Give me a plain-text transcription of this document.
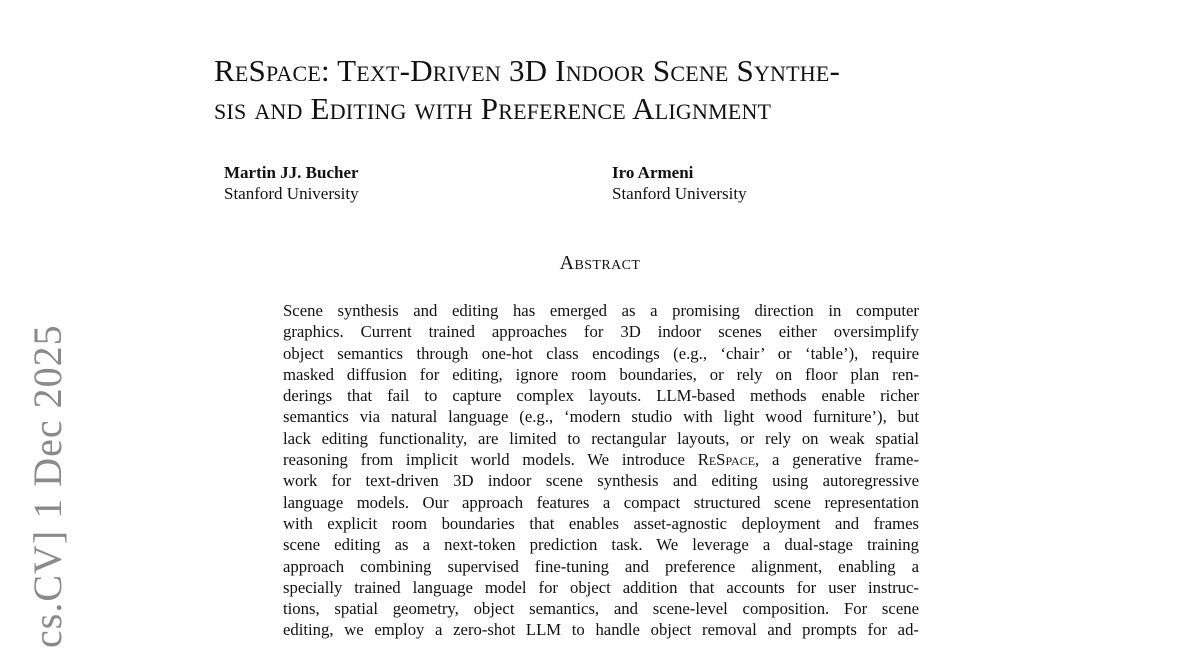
ReSpace: Text-Driven 3D Indoor Scene Synthe-
sis and Editing with Preference Alignment
Martin JJ. Bucher
Stanford University
Iro Armeni
Stanford University
Abstract
Scene synthesis and editing has emerged as a promising direction in computer
graphics. Current trained approaches for 3D indoor scenes either oversimplify
object semantics through one-hot class encodings (e.g., ‘chair’ or ‘table’), require
masked diffusion for editing, ignore room boundaries, or rely on floor plan ren-
derings that fail to capture complex layouts. LLM-based methods enable richer
semantics via natural language (e.g., ‘modern studio with light wood furniture’), but
lack editing functionality, are limited to rectangular layouts, or rely on weak spatial
reasoning from implicit world models. We introduce ReSpace, a generative frame-
work for text-driven 3D indoor scene synthesis and editing using autoregressive
language models. Our approach features a compact structured scene representation
with explicit room boundaries that enables asset-agnostic deployment and frames
scene editing as a next-token prediction task. We leverage a dual-stage training
approach combining supervised fine-tuning and preference alignment, enabling a
specially trained language model for object addition that accounts for user instruc-
tions, spatial geometry, object semantics, and scene-level composition. For scene
editing, we employ a zero-shot LLM to handle object removal and prompts for ad-
cs.CV] 1 Dec 2025
